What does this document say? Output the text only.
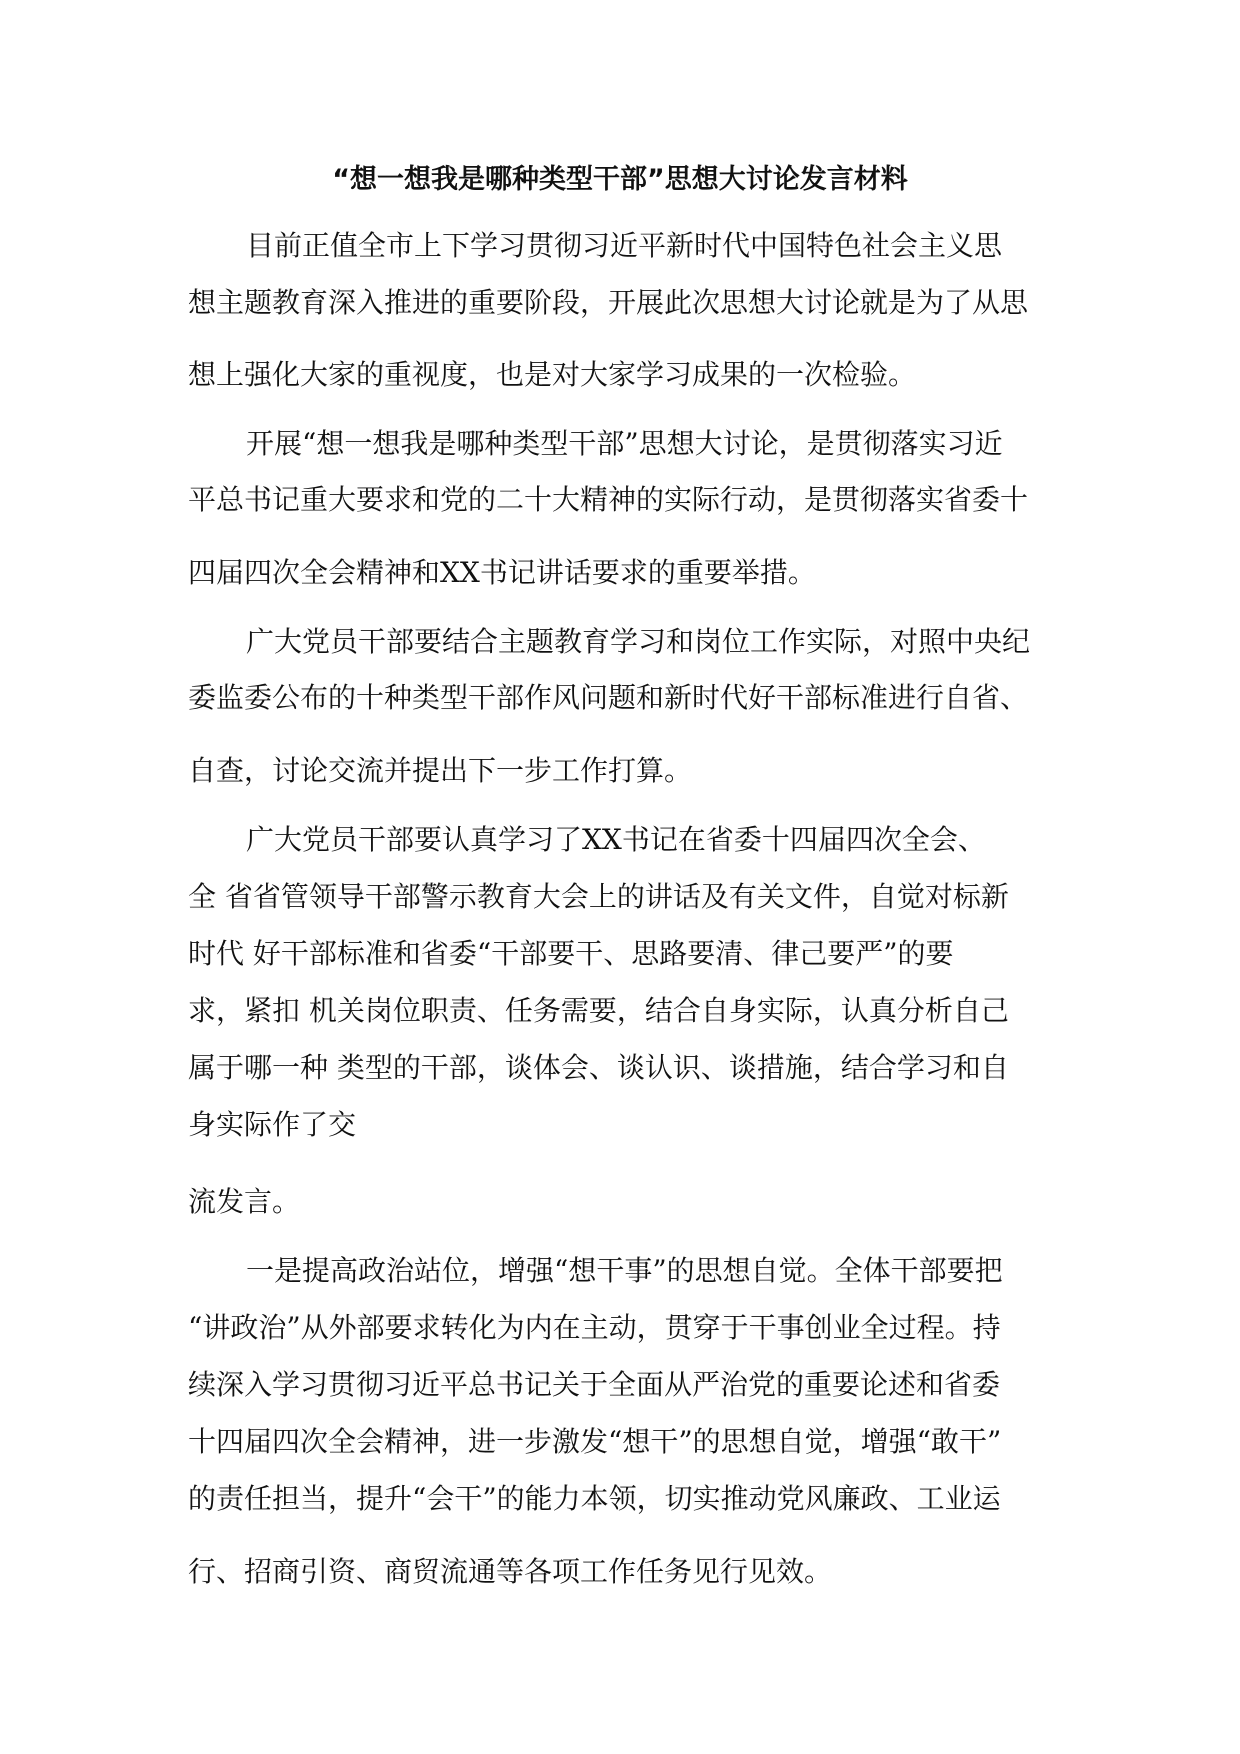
“想一想我是哪种类型干部”思想大讨论发言材料
目前正值全市上下学习贯彻习近平新时代中国特色社会主义思
想主题教育深入推进的重要阶段，开展此次思想大讨论就是为了从思
想上强化大家的重视度，也是对大家学习成果的一次检验。
开展“想一想我是哪种类型干部”思想大讨论，是贯彻落实习近
平总书记重大要求和党的二十大精神的实际行动，是贯彻落实省委十
四届四次全会精神和XX书记讲话要求的重要举措。
广大党员干部要结合主题教育学习和岗位工作实际，对照中央纪
委监委公布的十种类型干部作风问题和新时代好干部标准进行自省、
自查，讨论交流并提出下一步工作打算。
广大党员干部要认真学习了XX书记在省委十四届四次全会、
全 省省管领导干部警示教育大会上的讲话及有关文件，自觉对标新
时代 好干部标准和省委“干部要干、思路要清、律己要严”的要
求，紧扣 机关岗位职责、任务需要，结合自身实际，认真分析自己
属于哪一种 类型的干部，谈体会、谈认识、谈措施，结合学习和自
身实际作了交
流发言。
一是提高政治站位，增强“想干事”的思想自觉。全体干部要把
“讲政治”从外部要求转化为内在主动，贯穿于干事创业全过程。持
续深入学习贯彻习近平总书记关于全面从严治党的重要论述和省委
十四届四次全会精神，进一步激发“想干”的思想自觉，增强“敢干”
的责任担当，提升“会干”的能力本领，切实推动党风廉政、工业运
行、招商引资、商贸流通等各项工作任务见行见效。
